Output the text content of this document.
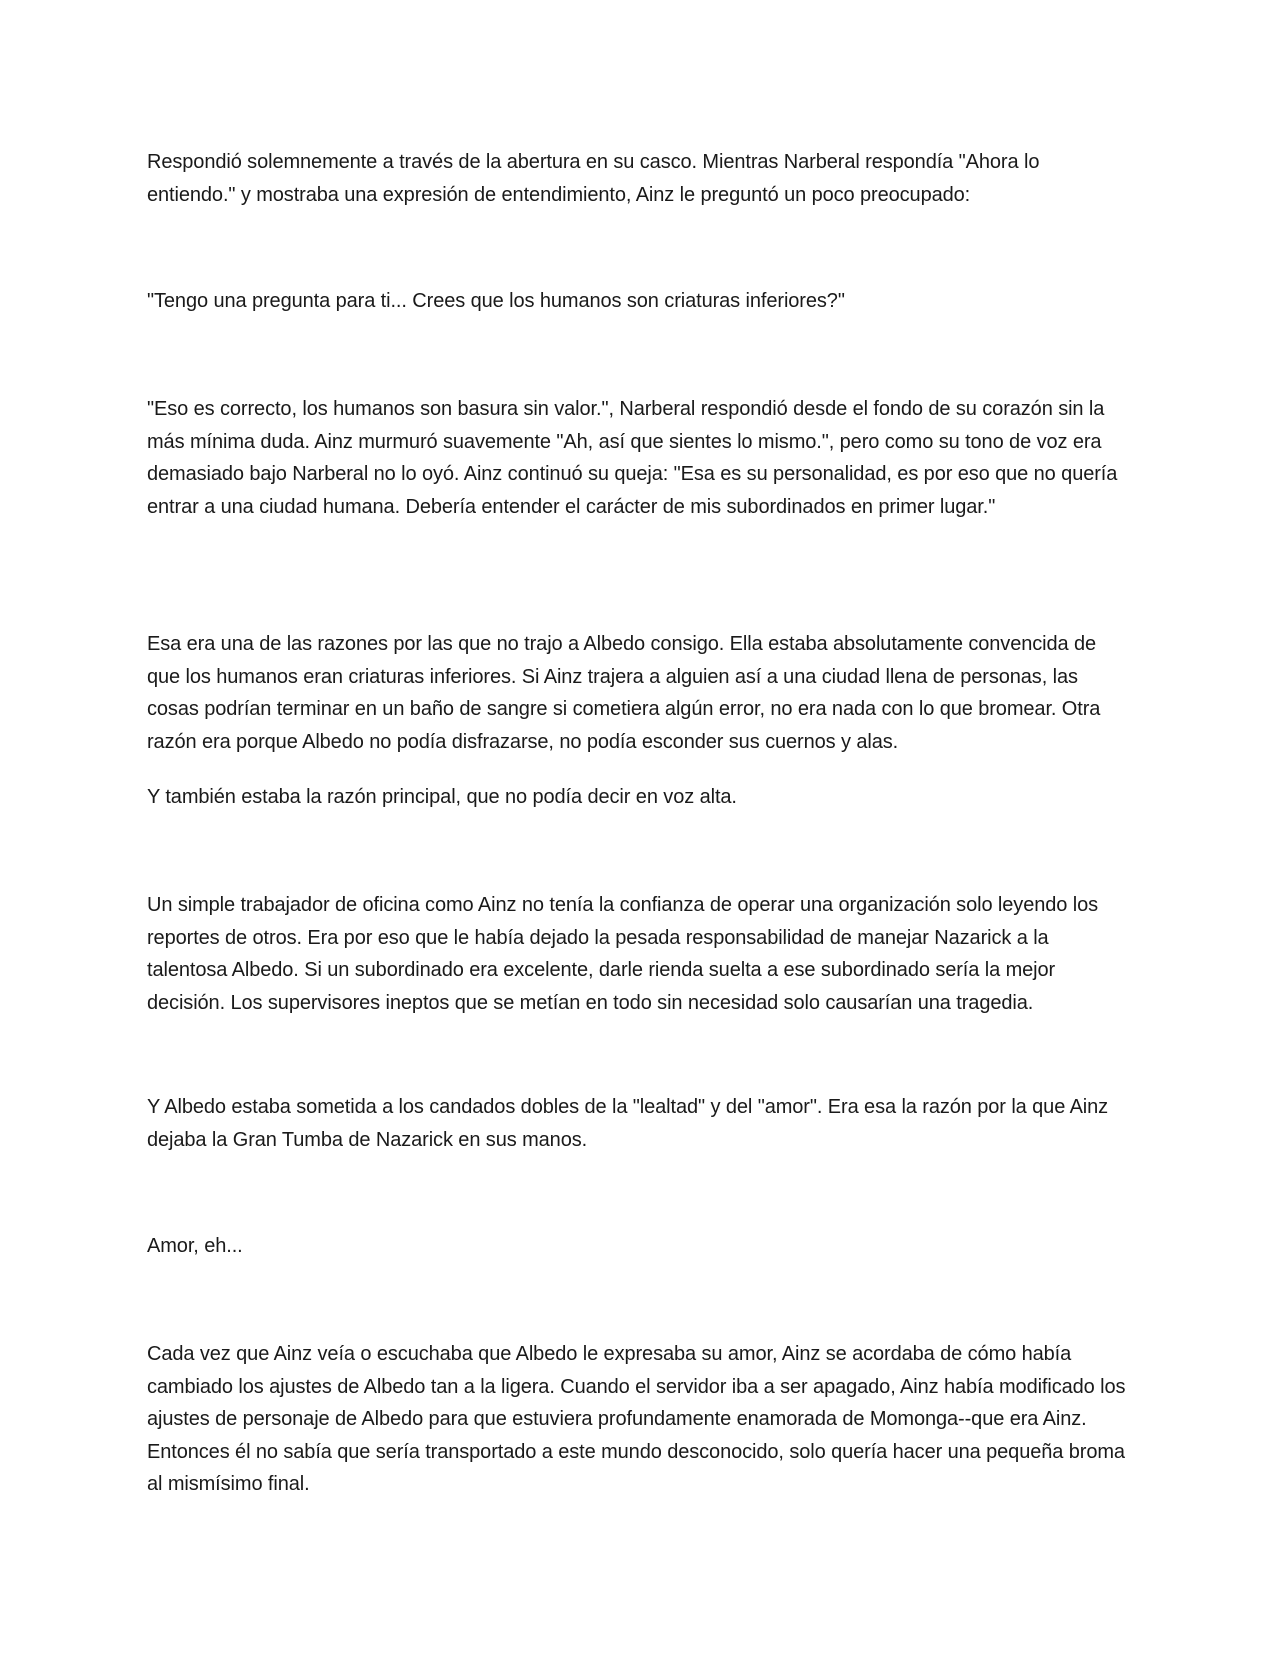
Respondió solemnemente a través de la abertura en su casco. Mientras Narberal respondía "Ahora lo entiendo." y mostraba una expresión de entendimiento, Ainz le preguntó un poco preocupado:

"Tengo una pregunta para ti... Crees que los humanos son criaturas inferiores?"

"Eso es correcto, los humanos son basura sin valor.", Narberal respondió desde el fondo de su corazón sin la más mínima duda. Ainz murmuró suavemente "Ah, así que sientes lo mismo.", pero como su tono de voz era demasiado bajo Narberal no lo oyó. Ainz continuó su queja: "Esa es su personalidad, es por eso que no quería entrar a una ciudad humana. Debería entender el carácter de mis subordinados en primer lugar."

Esa era una de las razones por las que no trajo a Albedo consigo. Ella estaba absolutamente convencida de que los humanos eran criaturas inferiores. Si Ainz trajera a alguien así a una ciudad llena de personas, las cosas podrían terminar en un baño de sangre si cometiera algún error, no era nada con lo que bromear. Otra razón era porque Albedo no podía disfrazarse, no podía esconder sus cuernos y alas.

Y también estaba la razón principal, que no podía decir en voz alta.

Un simple trabajador de oficina como Ainz no tenía la confianza de operar una organización solo leyendo los reportes de otros. Era por eso que le había dejado la pesada responsabilidad de manejar Nazarick a la talentosa Albedo. Si un subordinado era excelente, darle rienda suelta a ese subordinado sería la mejor decisión. Los supervisores ineptos que se metían en todo sin necesidad solo causarían una tragedia.

Y Albedo estaba sometida a los candados dobles de la "lealtad" y del "amor". Era esa la razón por la que Ainz dejaba la Gran Tumba de Nazarick en sus manos.

Amor, eh...

Cada vez que Ainz veía o escuchaba que Albedo le expresaba su amor, Ainz se acordaba de cómo había cambiado los ajustes de Albedo tan a la ligera. Cuando el servidor iba a ser apagado, Ainz había modificado los ajustes de personaje de Albedo para que estuviera profundamente enamorada de Momonga--que era Ainz. Entonces él no sabía que sería transportado a este mundo desconocido, solo quería hacer una pequeña broma al mismísimo final.
